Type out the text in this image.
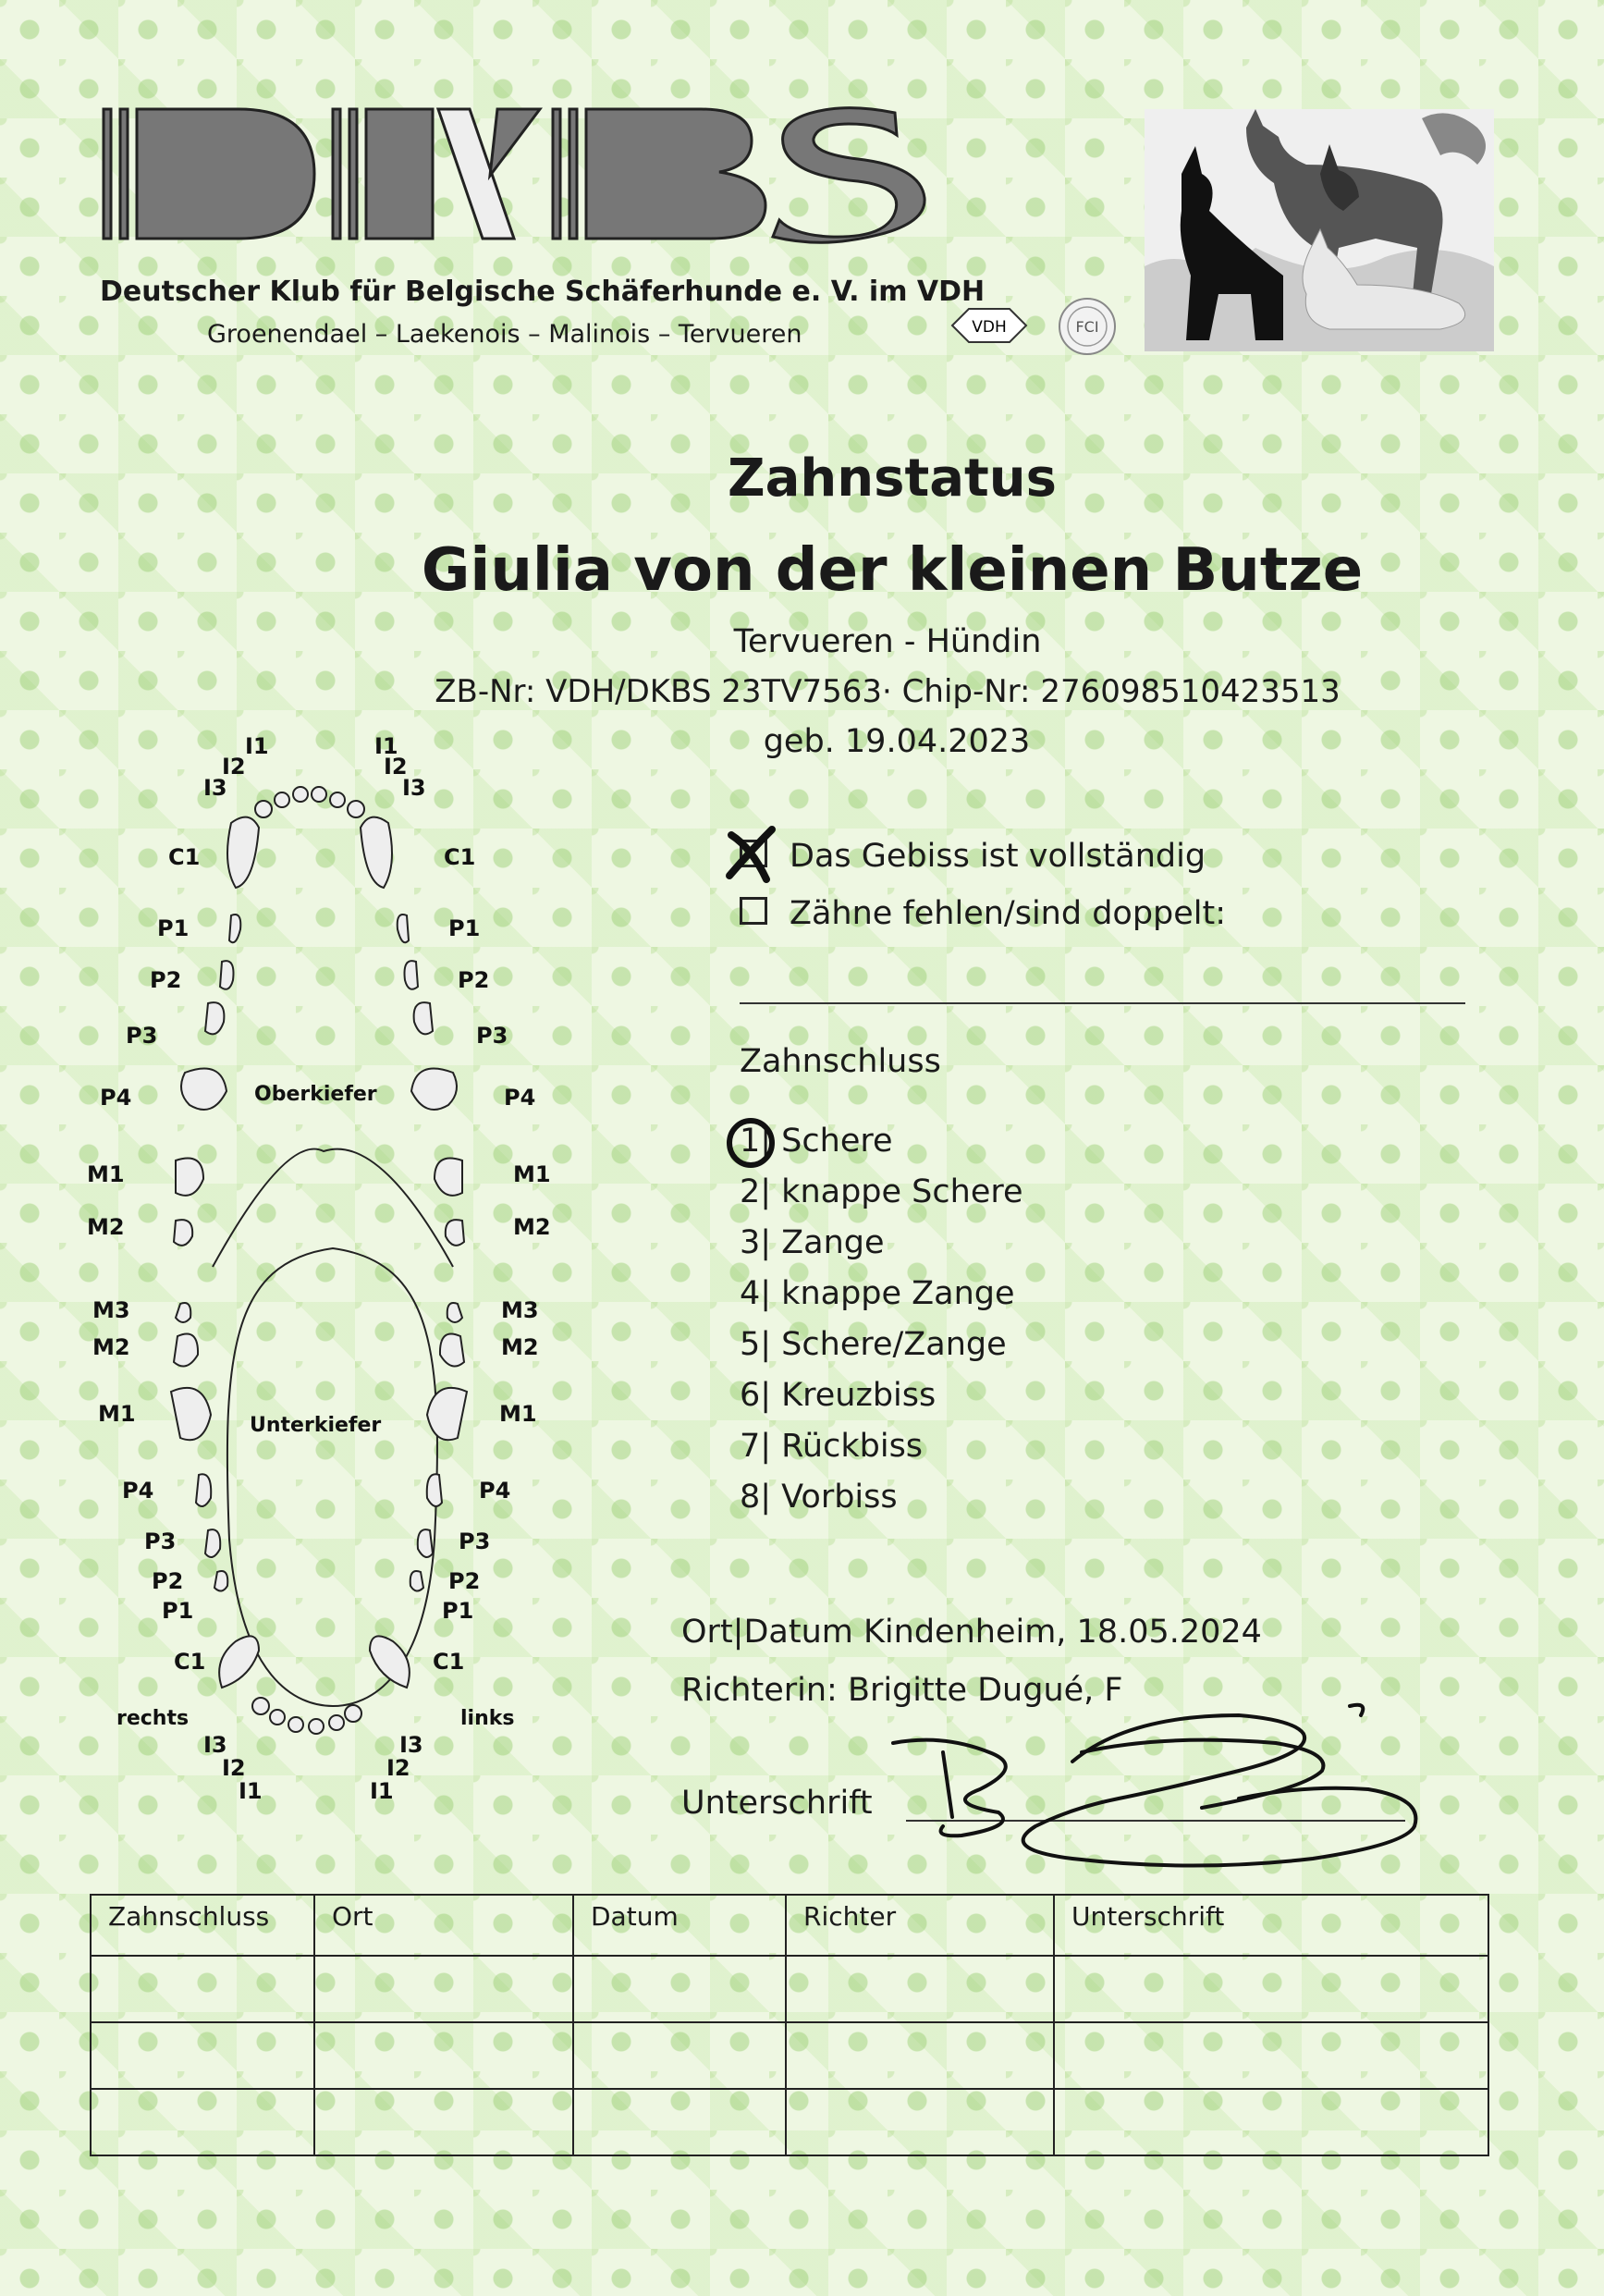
Deutscher Klub für Belgische Schäferhunde e. V. im VDH
Groenendael – Laekenois – Malinois – Tervueren	VDH	FCI
Zahnstatus
Giulia von der kleinen Butze
Tervueren - Hündin
ZB-Nr: VDH/DKBS 23TV7563· Chip-Nr: 276098510423513
geb. 19.04.2023
Das Gebiss ist vollständig
Zähne fehlen/sind doppelt:
Zahnschluss
1| Schere
2| knappe Schere
3| Zange
4| knappe Zange
5| Schere/Zange
6| Kreuzbiss
7| Rückbiss
8| Vorbiss
Ort|Datum Kindenheim, 18.05.2024
Richterin: Brigitte Dugué, F
Unterschrift
I1	I1
I2	I2
I3	I3
C1	C1
P1	P1
P2	P2
P3	P3
P4	P4
M1	M1
M2	M2
Oberkiefer
M3	M3
M2	M2
M1	M1
P4	P4
P3	P3
P2	P2
P1	P1
C1	C1
Unterkiefer
rechts	links
I3	I3
I2	I2
I1	I1
Zahnschluss	Ort	Datum	Richter	Unterschrift
